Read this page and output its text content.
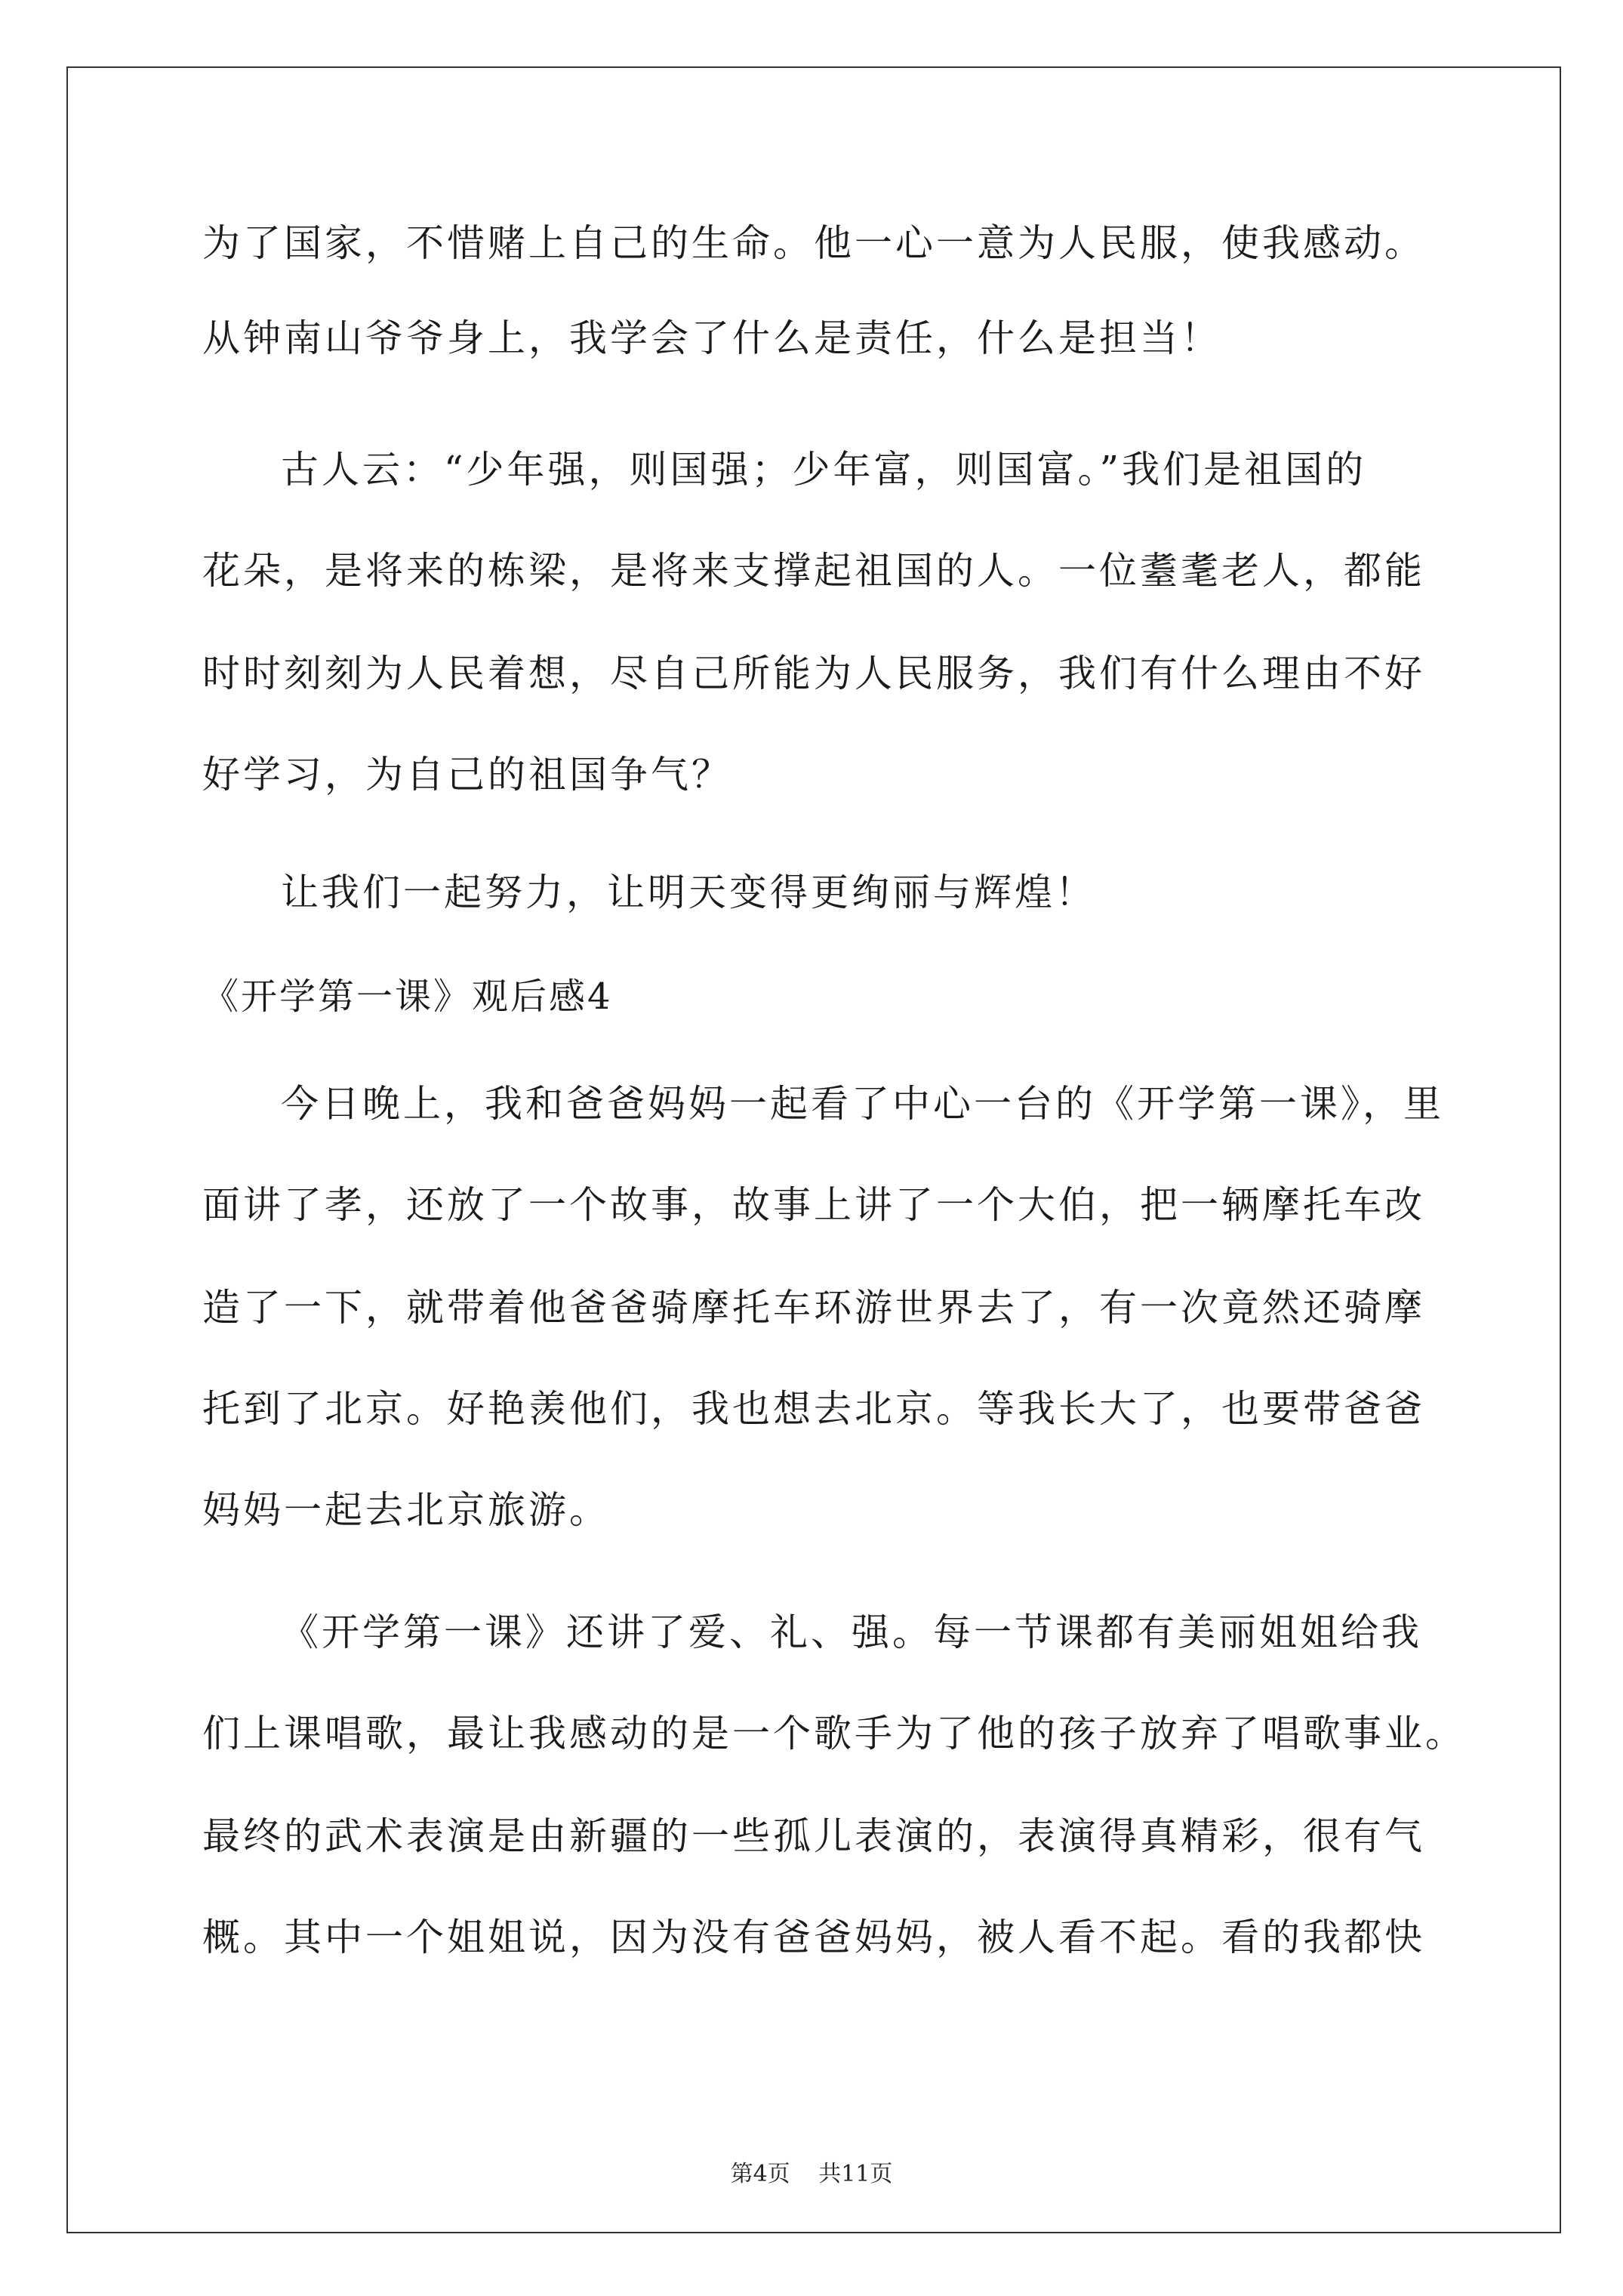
为了国家，不惜赌上自己的生命。他一心一意为人民服，使我感动。
从钟南山爷爷身上，我学会了什么是责任，什么是担当！
古人云：“少年强，则国强；少年富，则国富。”我们是祖国的
花朵，是将来的栋梁，是将来支撑起祖国的人。一位耋耄老人，都能
时时刻刻为人民着想，尽自己所能为人民服务，我们有什么理由不好
好学习，为自己的祖国争气？
让我们一起努力，让明天变得更绚丽与辉煌！
《开学第一课》观后感4
今日晚上，我和爸爸妈妈一起看了中心一台的《开学第一课》，里
面讲了孝，还放了一个故事，故事上讲了一个大伯，把一辆摩托车改
造了一下，就带着他爸爸骑摩托车环游世界去了，有一次竟然还骑摩
托到了北京。好艳羡他们，我也想去北京。等我长大了，也要带爸爸
妈妈一起去北京旅游。
《开学第一课》还讲了爱、礼、强。每一节课都有美丽姐姐给我
们上课唱歌，最让我感动的是一个歌手为了他的孩子放弃了唱歌事业。
最终的武术表演是由新疆的一些孤儿表演的，表演得真精彩，很有气
概。其中一个姐姐说，因为没有爸爸妈妈，被人看不起。看的我都快
第4页 共11页
